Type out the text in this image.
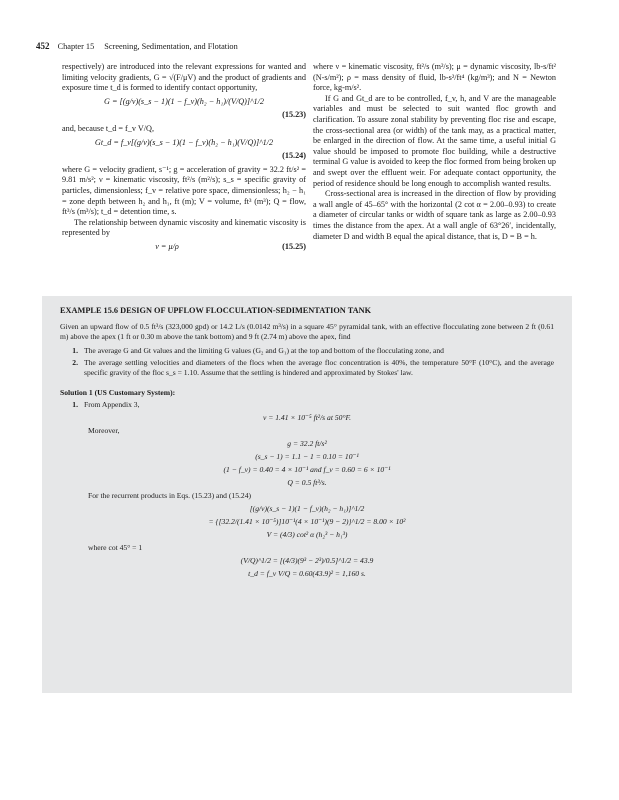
452 Chapter 15 Screening, Sedimentation, and Flotation

respectively) are introduced into the relevant expressions for wanted and limiting velocity gradients, G = √(F/μV) and the product of gradients and exposure time t_d is formed to identify contact opportunity,

G = [(g/ν)(s_s − 1)(1 − f_v)(h₂ − h₁)/(V/Q)]^1/2
(15.23)

and, because t_d = f_v V/Q,

Gt_d = f_v[(g/ν)(s_s − 1)(1 − f_v)(h₂ − h₁)(V/Q)]^1/2
(15.24)

where G = velocity gradient, s⁻¹; g = acceleration of gravity = 32.2 ft/s² = 9.81 m/s²; ν = kinematic viscosity, ft²/s (m²/s); s_s = specific gravity of particles, dimensionless; f_v = relative pore space, dimensionless; h₂ − h₁ = zone depth between h₂ and h₁, ft (m); V = volume, ft³ (m³); Q = flow, ft³/s (m³/s); t_d = detention time, s.

The relationship between dynamic viscosity and kinematic viscosity is represented by

ν = μ/ρ	(15.25)

where ν = kinematic viscosity, ft²/s (m²/s); μ = dynamic viscosity, lb-s/ft² (N-s/m²); ρ = mass density of fluid, lb-s²/ft⁴ (kg/m³); and N = Newton force, kg-m/s².

If G and Gt_d are to be controlled, f_v, h, and V are the manageable variables and must be selected to suit wanted floc growth and clarification. To assure zonal stability by preventing floc rise and escape, the cross-sectional area (or width) of the tank may, as a practical matter, be enlarged in the direction of flow. At the same time, a useful initial G value should be imposed to promote floc building, while a destructive terminal G value is avoided to keep the floc formed from being broken up and swept over the effluent weir. For adequate contact opportunity, the period of residence should be long enough to accomplish wanted results.

Cross-sectional area is increased in the direction of flow by providing a wall angle of 45–65° with the horizontal (2 cot α = 2.00–0.93) to create a diameter of circular tanks or width of square tank as large as 2.00–0.93 times the distance from the apex. At a wall angle of 63°26′, incidentally, diameter D and width B equal the apical distance, that is, D = B = h.

EXAMPLE 15.6 DESIGN OF UPFLOW FLOCCULATION-SEDIMENTATION TANK

Given an upward flow of 0.5 ft³/s (323,000 gpd) or 14.2 L/s (0.0142 m³/s) in a square 45° pyramidal tank, with an effective flocculating zone between 2 ft (0.61 m) above the apex (1 ft or 0.30 m above the tank bottom) and 9 ft (2.74 m) above the apex, find

1. The average G and Gt values and the limiting G values (G₂ and G₁) at the top and bottom of the flocculating zone, and
2. The average settling velocities and diameters of the flocs when the average floc concentration is 40%, the temperature 50°F (10°C), and the average specific gravity of the floc s_s = 1.10. Assume that the settling is hindered and approximated by Stokes' law.
Solution 1 (US Customary System):
1. From Appendix 3,
ν = 1.41 × 10⁻⁵ ft²/s at 50°F.
Moreover,
g = 32.2 ft/s²
(s_s − 1) = 1.1 − 1 = 0.10 = 10⁻¹
(1 − f_v) = 0.40 = 4 × 10⁻¹ and f_v = 0.60 = 6 × 10⁻¹
Q = 0.5 ft³/s.
For the recurrent products in Eqs. (15.23) and (15.24)
[(g/ν)(s_s − 1)(1 − f_v)(h₂ − h₁)]^1/2
= {[32.2/(1.41 × 10⁻⁵)]10⁻¹(4 × 10⁻¹)(9 − 2)}^1/2 = 8.00 × 10²
V = (4/3) cot² α (h₂³ − h₁³)
where cot 45° = 1
(V/Q)^1/2 = [(4/3)(9³ − 2³)/0.5]^1/2 = 43.9
t_d = f_v V/Q = 0.60(43.9)² = 1,160 s.
